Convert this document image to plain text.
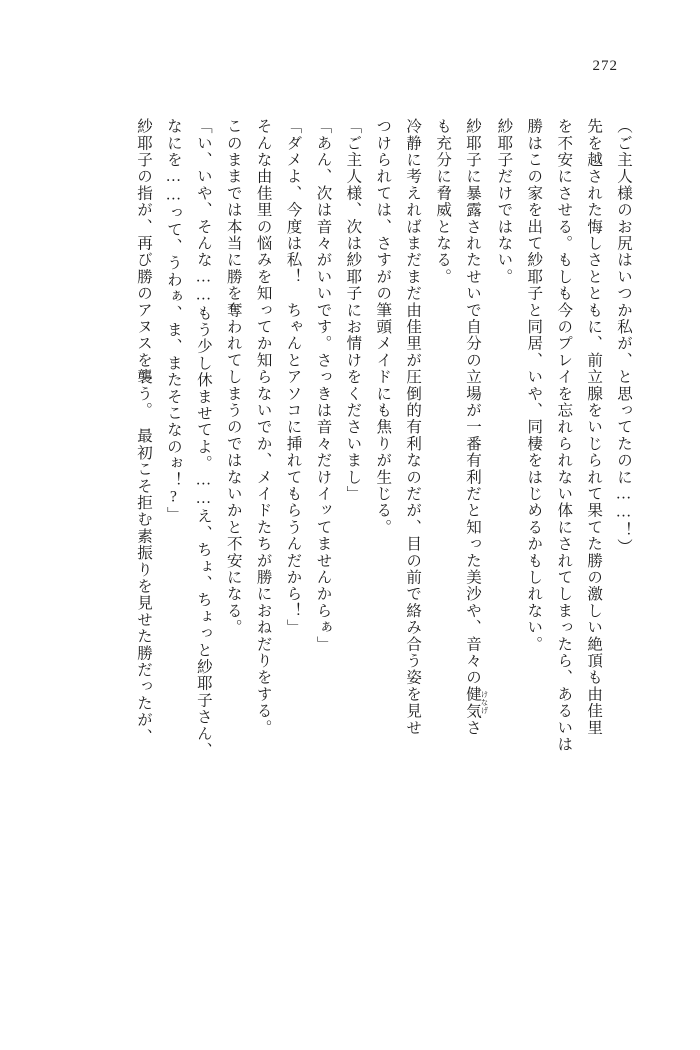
272

（ご主人様のお尻はいつか私が、と思ってたのに……！）
先を越された悔しさとともに、前立腺をいじられて果てた勝の激しい絶頂も由佳里
を不安にさせる。もしも今のプレイを忘れられない体にされてしまったら、あるいは
勝はこの家を出て紗耶子と同居、いや、同棲をはじめるかもしれない。
紗耶子だけではない。
紗耶子に暴露されたせいで自分の立場が一番有利だと知った美沙や、音々の健気 けなげさ
も充分に脅威となる。
冷静に考えればまだまだ由佳里が圧倒的有利なのだが、目の前で絡み合う姿を見せ
つけられては、さすがの筆頭メイドにも焦りが生じる。
「ご主人様、次は紗耶子にお情けをくださいまし」
「あん、次は音々がいいです。さっきは音々だけイッてませんからぁ」
「ダメよ、今度は私！　ちゃんとアソコに挿れてもらうんだから！」
そんな由佳里の悩みを知ってか知らないでか、メイドたちが勝におねだりをする。
このままでは本当に勝を奪われてしまうのではないかと不安になる。
「い、いや、そんな……もう少し休ませてよ。……え、ちょ、ちょっと紗耶子さん、
なにを……って、うわぁ、ま、またそこなのぉ！?」
紗耶子の指が、再び勝のアヌスを襲う。　最初こそ拒む素振りを見せた勝だったが、
